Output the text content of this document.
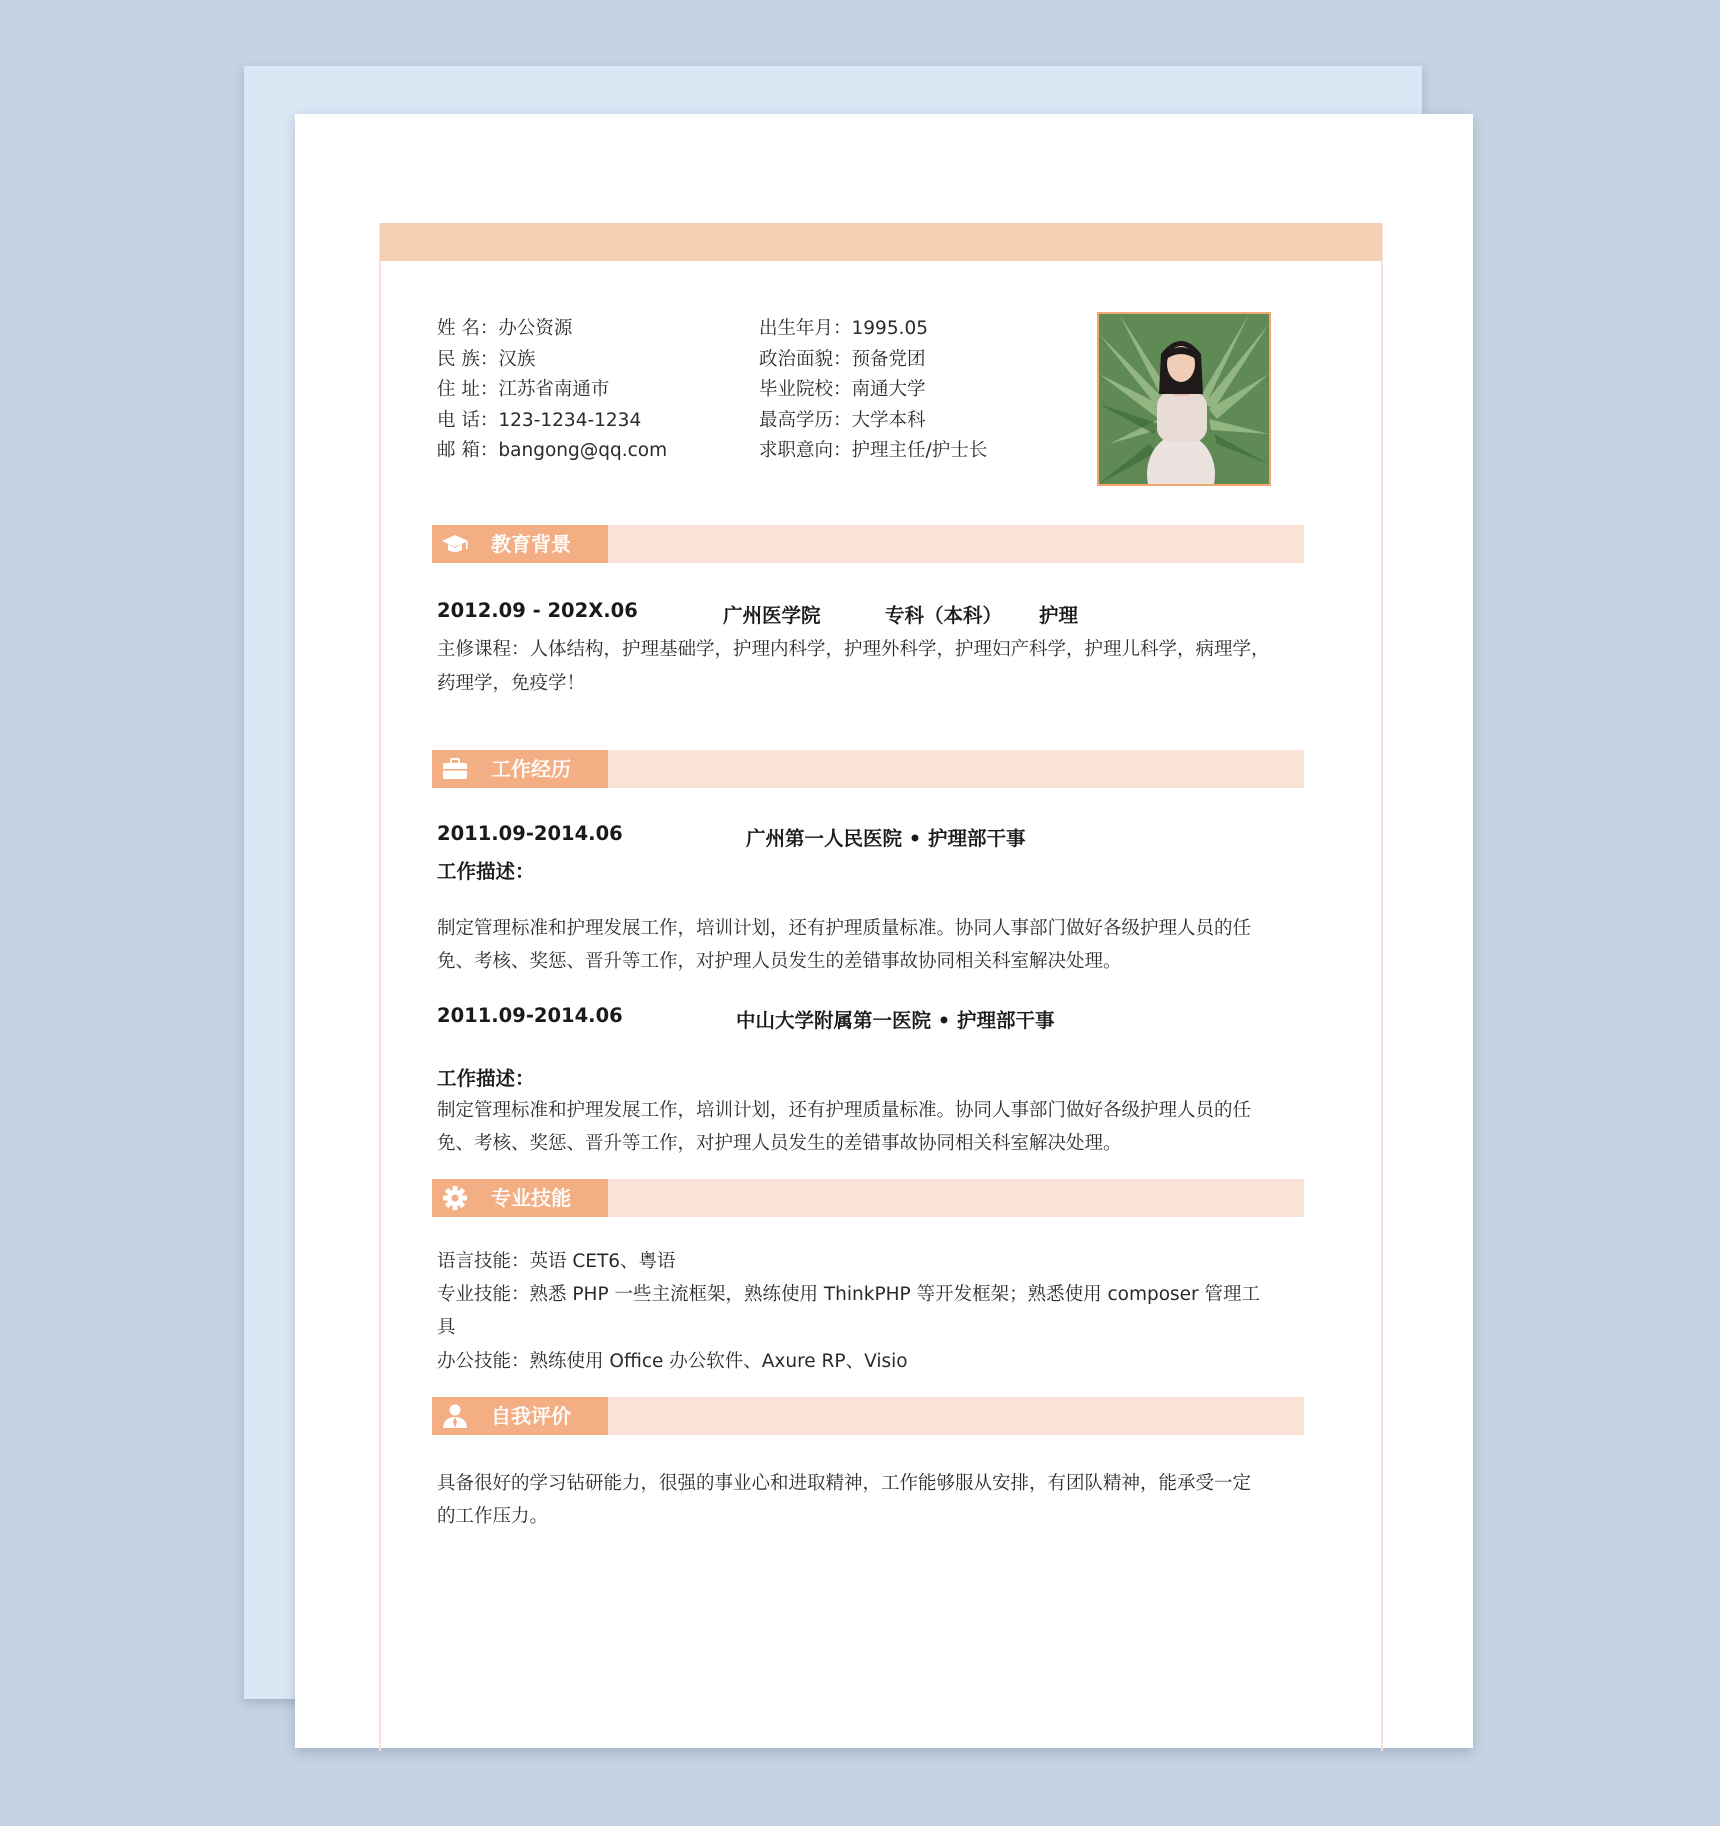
姓 名：办公资源
民 族：汉族
住 址：江苏省南通市
电 话：123-1234-1234
邮 箱：bangong@qq.com
出生年月：1995.05
政治面貌：预备党团
毕业院校：南通大学
最高学历：大学本科
求职意向：护理主任/护士长
教育背景
2012.09 - 202X.06	广州医学院	专科（本科） 护理
主修课程：人体结构，护理基础学，护理内科学，护理外科学，护理妇产科学，护理儿科学，病理学，
药理学，免疫学！
工作经历
2011.09-2014.06	广州第一人民医院 • 护理部干事
工作描述：
制定管理标准和护理发展工作，培训计划，还有护理质量标准。协同人事部门做好各级护理人员的任
免、考核、奖惩、晋升等工作，对护理人员发生的差错事故协同相关科室解决处理。
2011.09-2014.06	中山大学附属第一医院 • 护理部干事
工作描述：
制定管理标准和护理发展工作，培训计划，还有护理质量标准。协同人事部门做好各级护理人员的任
免、考核、奖惩、晋升等工作，对护理人员发生的差错事故协同相关科室解决处理。
专业技能
语言技能：英语 CET6、粤语
专业技能：熟悉 PHP 一些主流框架，熟练使用 ThinkPHP 等开发框架；熟悉使用 composer 管理工
具
办公技能：熟练使用 Office 办公软件、Axure RP、Visio
自我评价
具备很好的学习钻研能力，很强的事业心和进取精神，工作能够服从安排，有团队精神，能承受一定
的工作压力。
